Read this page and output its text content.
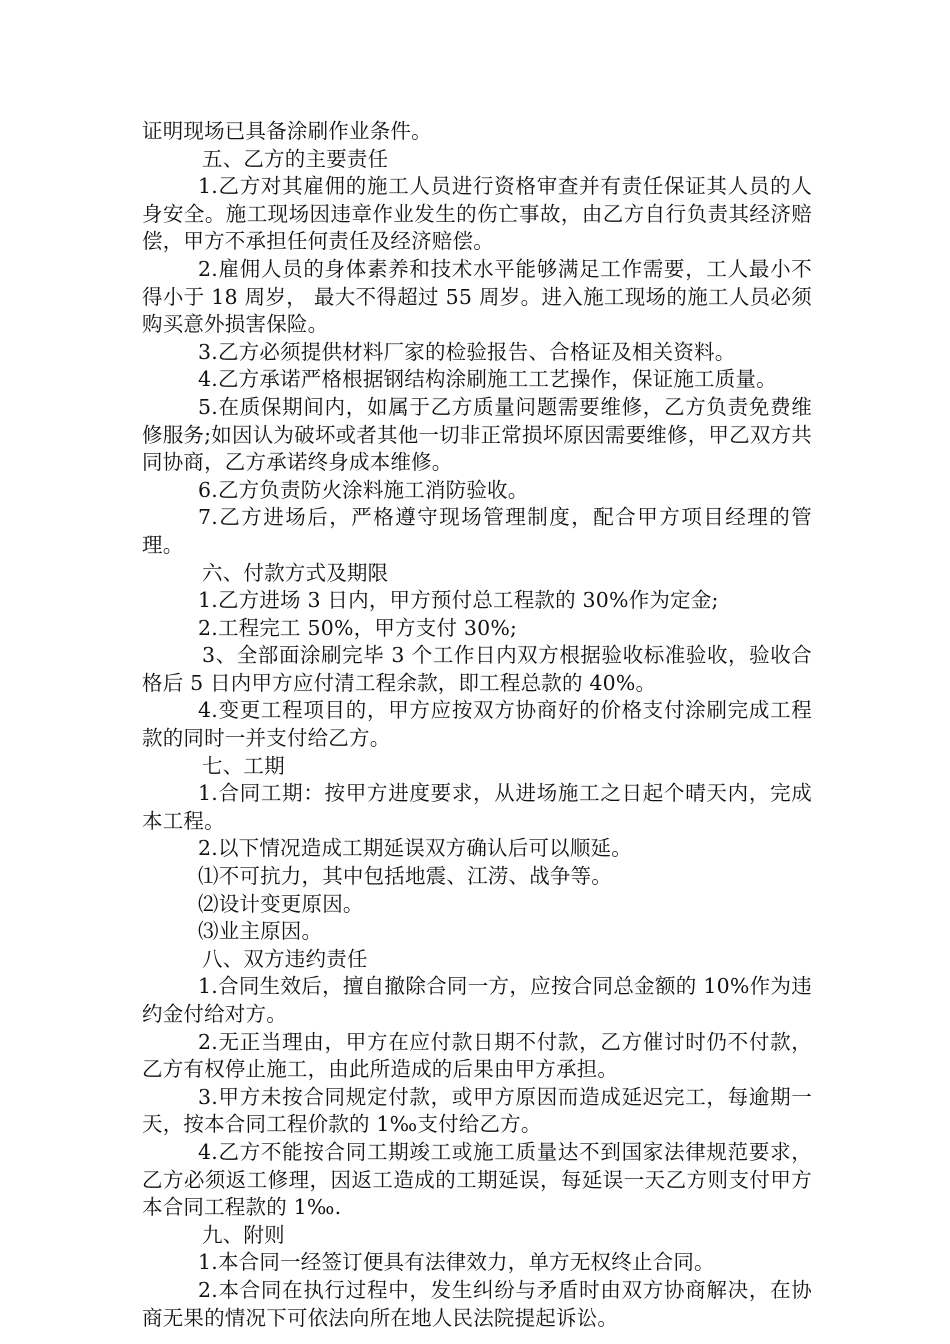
证明现场已具备涂刷作业条件。

五、乙方的主要责任

1.乙方对其雇佣的施工人员进行资格审查并有责任保证其人员的人身安全。施工现场因违章作业发生的伤亡事故，由乙方自行负责其经济赔偿，甲方不承担任何责任及经济赔偿。

2.雇佣人员的身体素养和技术水平能够满足工作需要，工人最小不得小于 18 周岁， 最大不得超过 55 周岁。进入施工现场的施工人员必须购买意外损害保险。

3.乙方必须提供材料厂家的检验报告、合格证及相关资料。

4.乙方承诺严格根据钢结构涂刷施工工艺操作，保证施工质量。

5.在质保期间内，如属于乙方质量问题需要维修，乙方负责免费维修服务;如因认为破坏或者其他一切非正常损坏原因需要维修，甲乙双方共同协商，乙方承诺终身成本维修。

6.乙方负责防火涂料施工消防验收。

7.乙方进场后，严格遵守现场管理制度，配合甲方项目经理的管理。

六、付款方式及期限

1.乙方进场 3 日内，甲方预付总工程款的 30%作为定金;

2.工程完工 50%，甲方支付 30%;

3、全部面涂刷完毕 3 个工作日内双方根据验收标准验收，验收合格后 5 日内甲方应付清工程余款，即工程总款的 40%。

4.变更工程项目的，甲方应按双方协商好的价格支付涂刷完成工程款的同时一并支付给乙方。

七、工期

1.合同工期：按甲方进度要求，从进场施工之日起个晴天内，完成本工程。

2.以下情况造成工期延误双方确认后可以顺延。

⑴不可抗力，其中包括地震、江涝、战争等。

⑵设计变更原因。

⑶业主原因。

八、双方违约责任

1.合同生效后，擅自撤除合同一方，应按合同总金额的 10%作为违约金付给对方。

2.无正当理由，甲方在应付款日期不付款，乙方催讨时仍不付款，乙方有权停止施工，由此所造成的后果由甲方承担。

3.甲方未按合同规定付款，或甲方原因而造成延迟完工，每逾期一天，按本合同工程价款的 1‰支付给乙方。

4.乙方不能按合同工期竣工或施工质量达不到国家法律规范要求，乙方必须返工修理，因返工造成的工期延误，每延误一天乙方则支付甲方本合同工程款的 1‰.

九、附则

1.本合同一经签订便具有法律效力，单方无权终止合同。

2.本合同在执行过程中，发生纠纷与矛盾时由双方协商解决，在协商无果的情况下可依法向所在地人民法院提起诉讼。
